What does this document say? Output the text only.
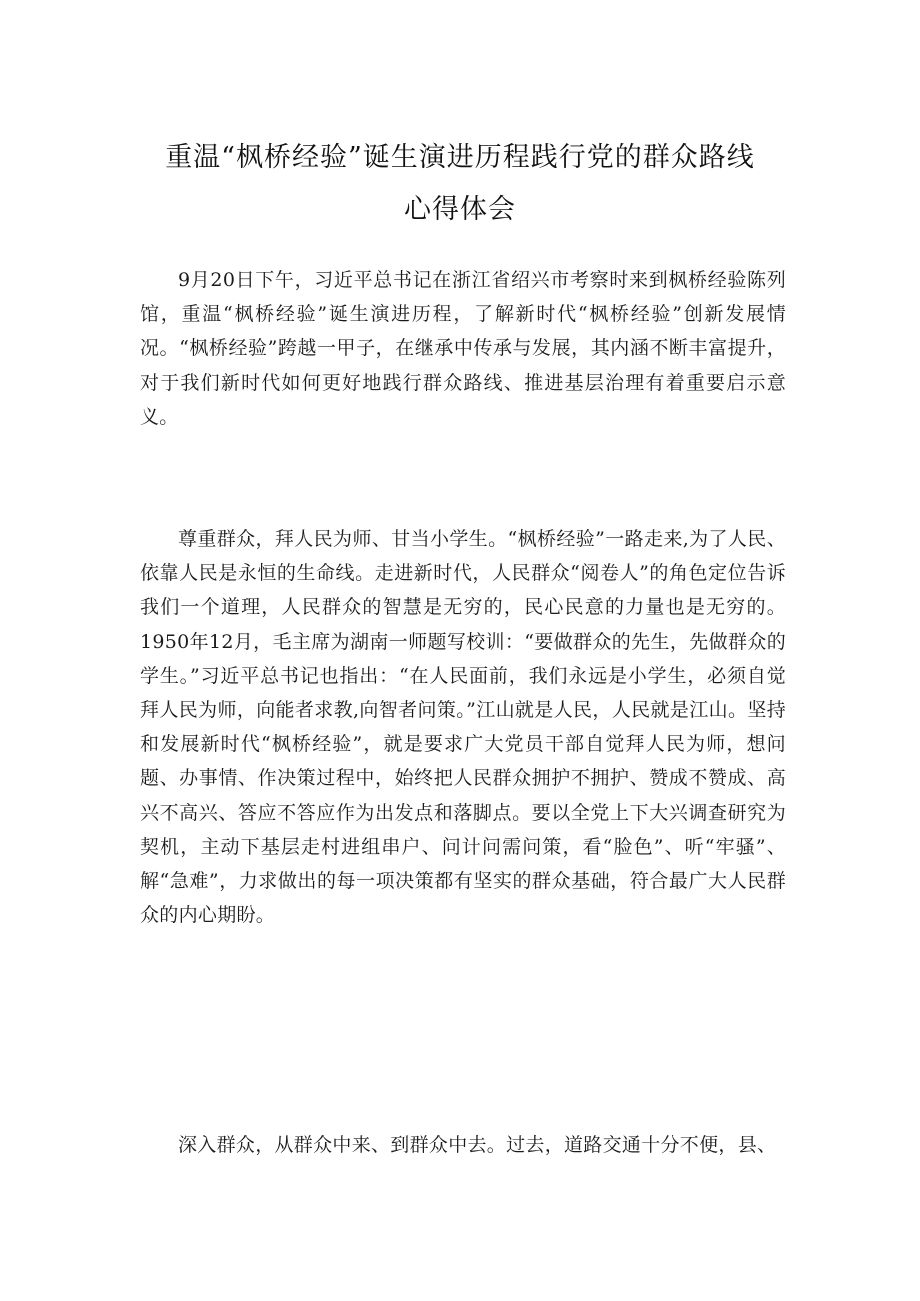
重温“枫桥经验”诞生演进历程践行党的群众路线
心得体会

9月20日下午，习近平总书记在浙江省绍兴市考察时来到枫桥经验陈列馆，重温“枫桥经验”诞生演进历程，了解新时代“枫桥经验”创新发展情况。“枫桥经验”跨越一甲子，在继承中传承与发展，其内涵不断丰富提升，对于我们新时代如何更好地践行群众路线、推进基层治理有着重要启示意义。

尊重群众，拜人民为师、甘当小学生。“枫桥经验”一路走来,为了人民、依靠人民是永恒的生命线。走进新时代，人民群众“阅卷人”的角色定位告诉我们一个道理，人民群众的智慧是无穷的，民心民意的力量也是无穷的。1950年12月，毛主席为湖南一师题写校训：“要做群众的先生，先做群众的学生。”习近平总书记也指出：“在人民面前，我们永远是小学生，必须自觉拜人民为师，向能者求教,向智者问策。”江山就是人民，人民就是江山。坚持和发展新时代“枫桥经验”，就是要求广大党员干部自觉拜人民为师，想问题、办事情、作决策过程中，始终把人民群众拥护不拥护、赞成不赞成、高兴不高兴、答应不答应作为出发点和落脚点。要以全党上下大兴调查研究为契机，主动下基层走村进组串户、问计问需问策，看“脸色”、听“牢骚”、解“急难”，力求做出的每一项决策都有坚实的群众基础，符合最广大人民群众的内心期盼。

深入群众，从群众中来、到群众中去。过去，道路交通十分不便，县、
